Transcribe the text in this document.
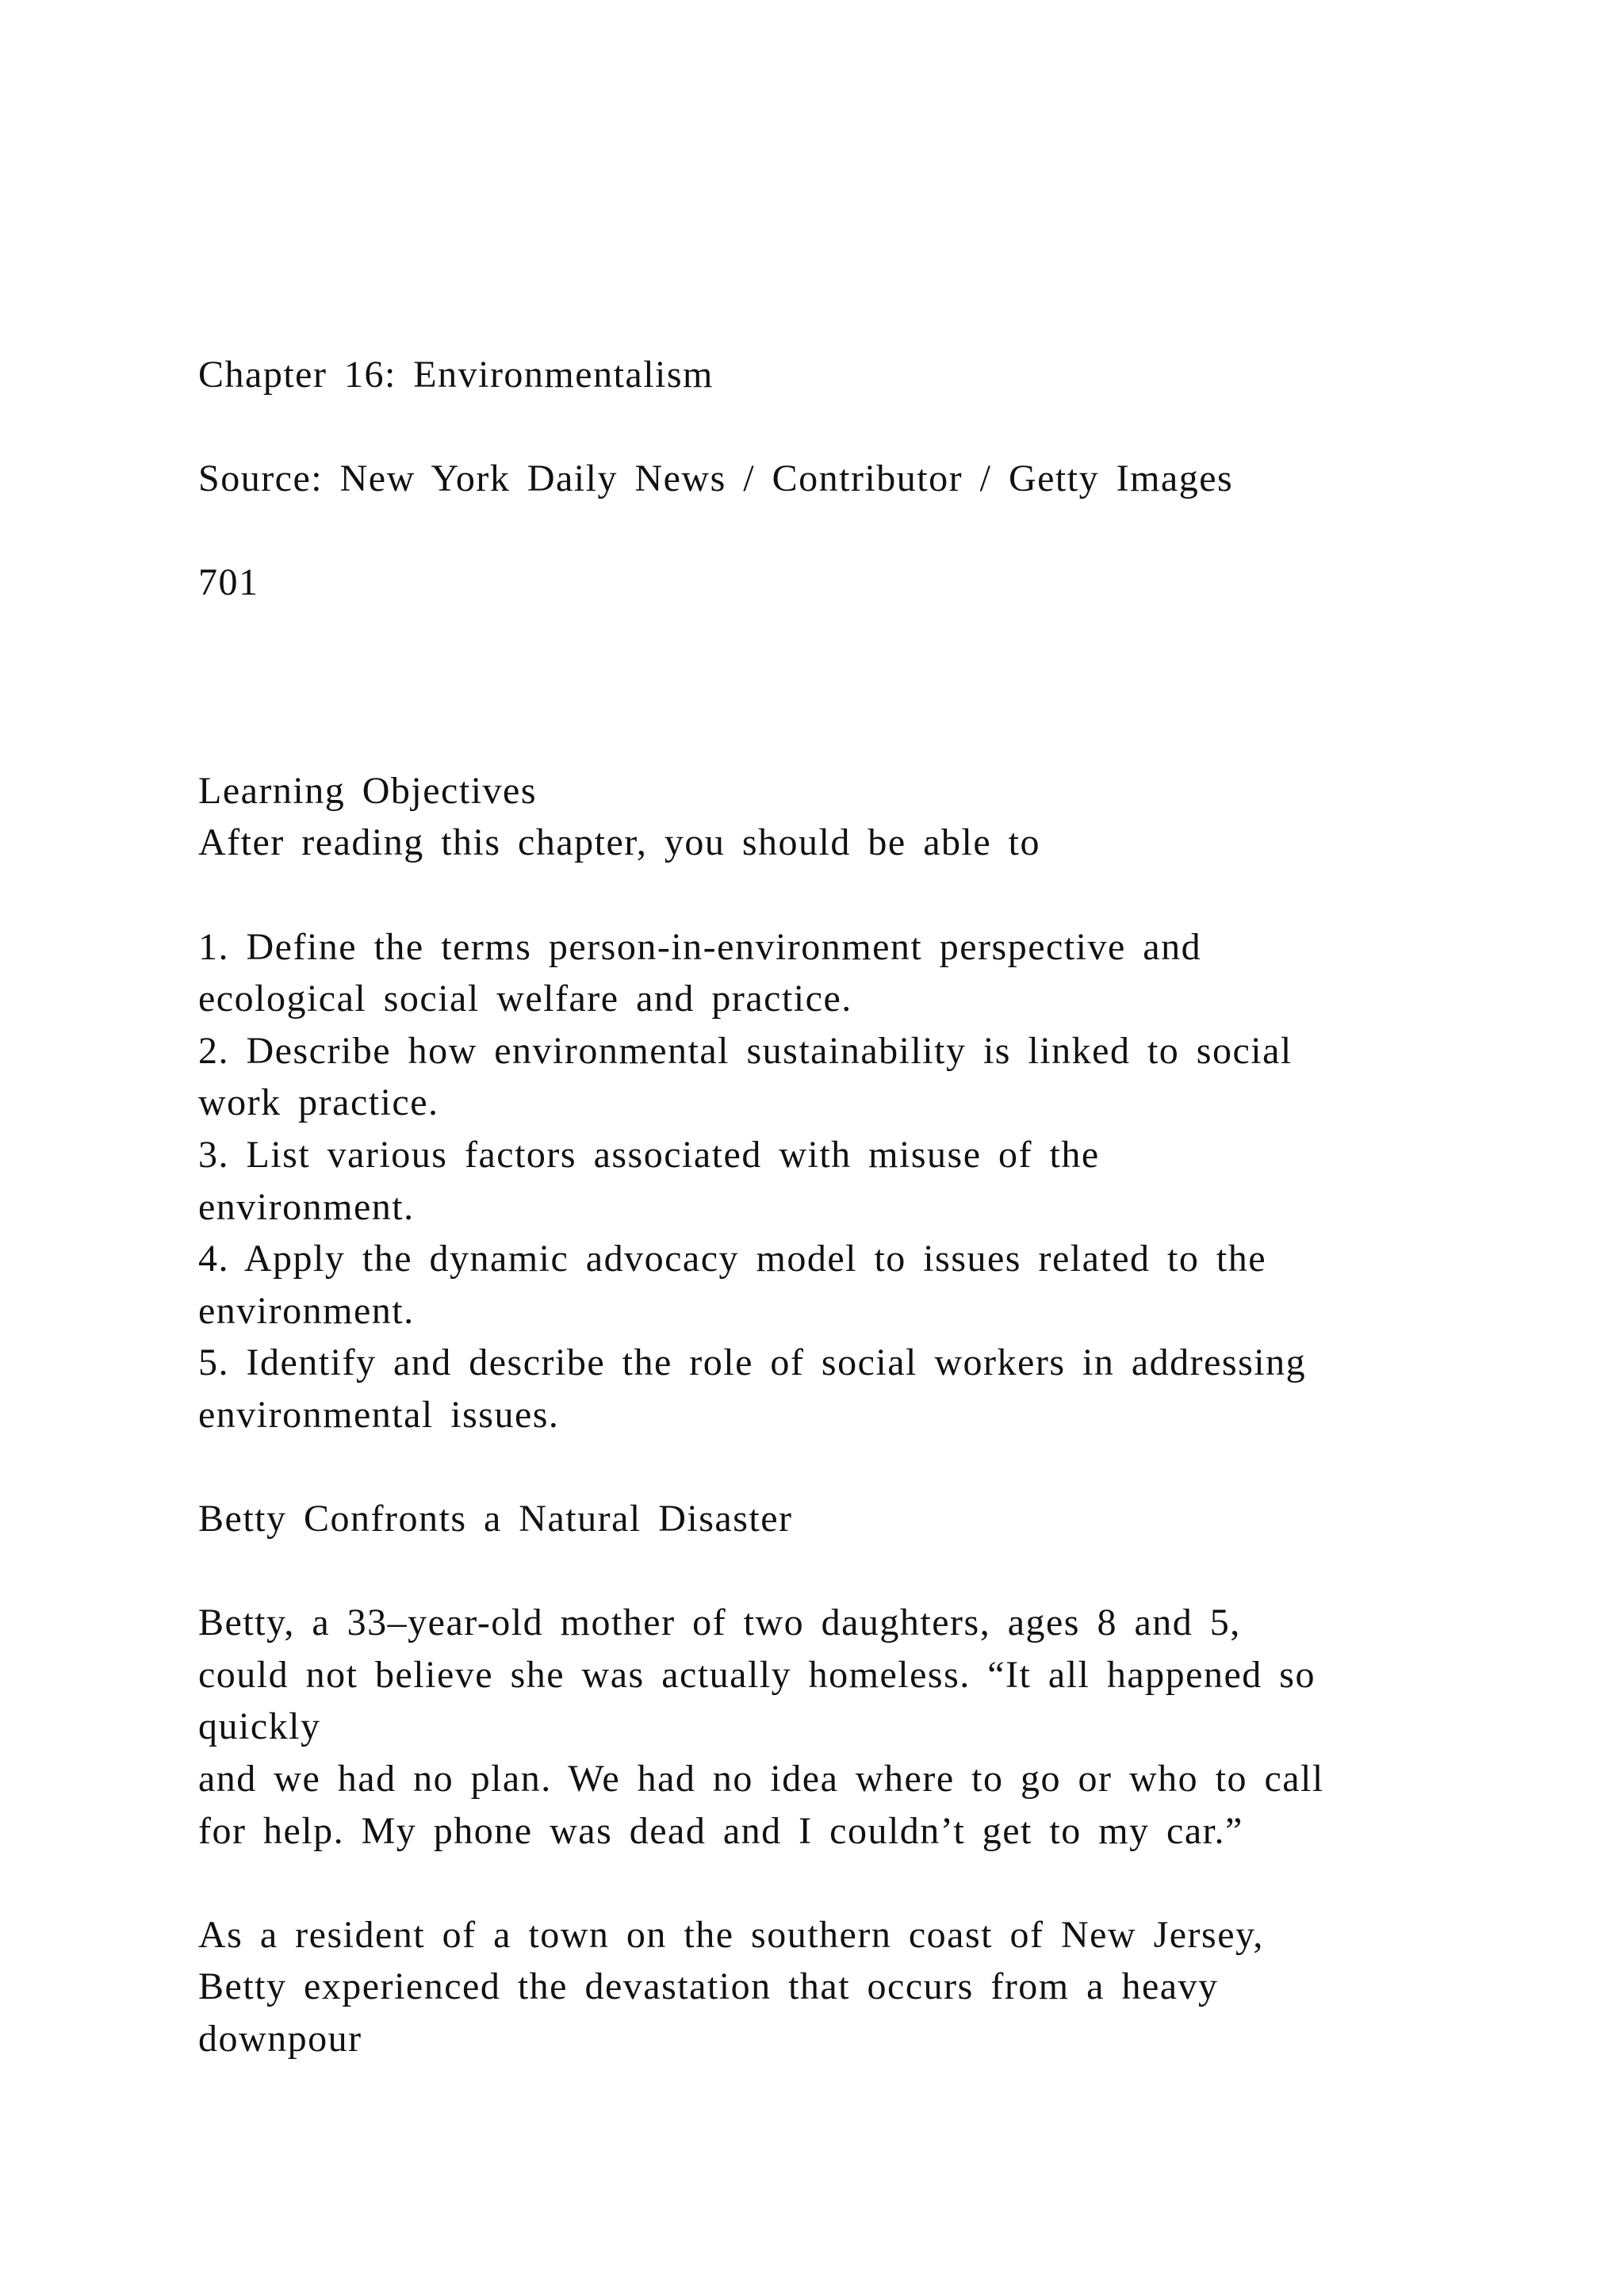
Chapter 16: Environmentalism
Source: New York Daily News / Contributor / Getty Images
701
Learning Objectives
After reading this chapter, you should be able to
1. Define the terms person-in-environment perspective and
ecological social welfare and practice.
2. Describe how environmental sustainability is linked to social
work practice.
3. List various factors associated with misuse of the
environment.
4. Apply the dynamic advocacy model to issues related to the
environment.
5. Identify and describe the role of social workers in addressing
environmental issues.
Betty Confronts a Natural Disaster
Betty, a 33–year-old mother of two daughters, ages 8 and 5,
could not believe she was actually homeless. “It all happened so
quickly
and we had no plan. We had no idea where to go or who to call
for help. My phone was dead and I couldn’t get to my car.”
As a resident of a town on the southern coast of New Jersey,
Betty experienced the devastation that occurs from a heavy
downpour
